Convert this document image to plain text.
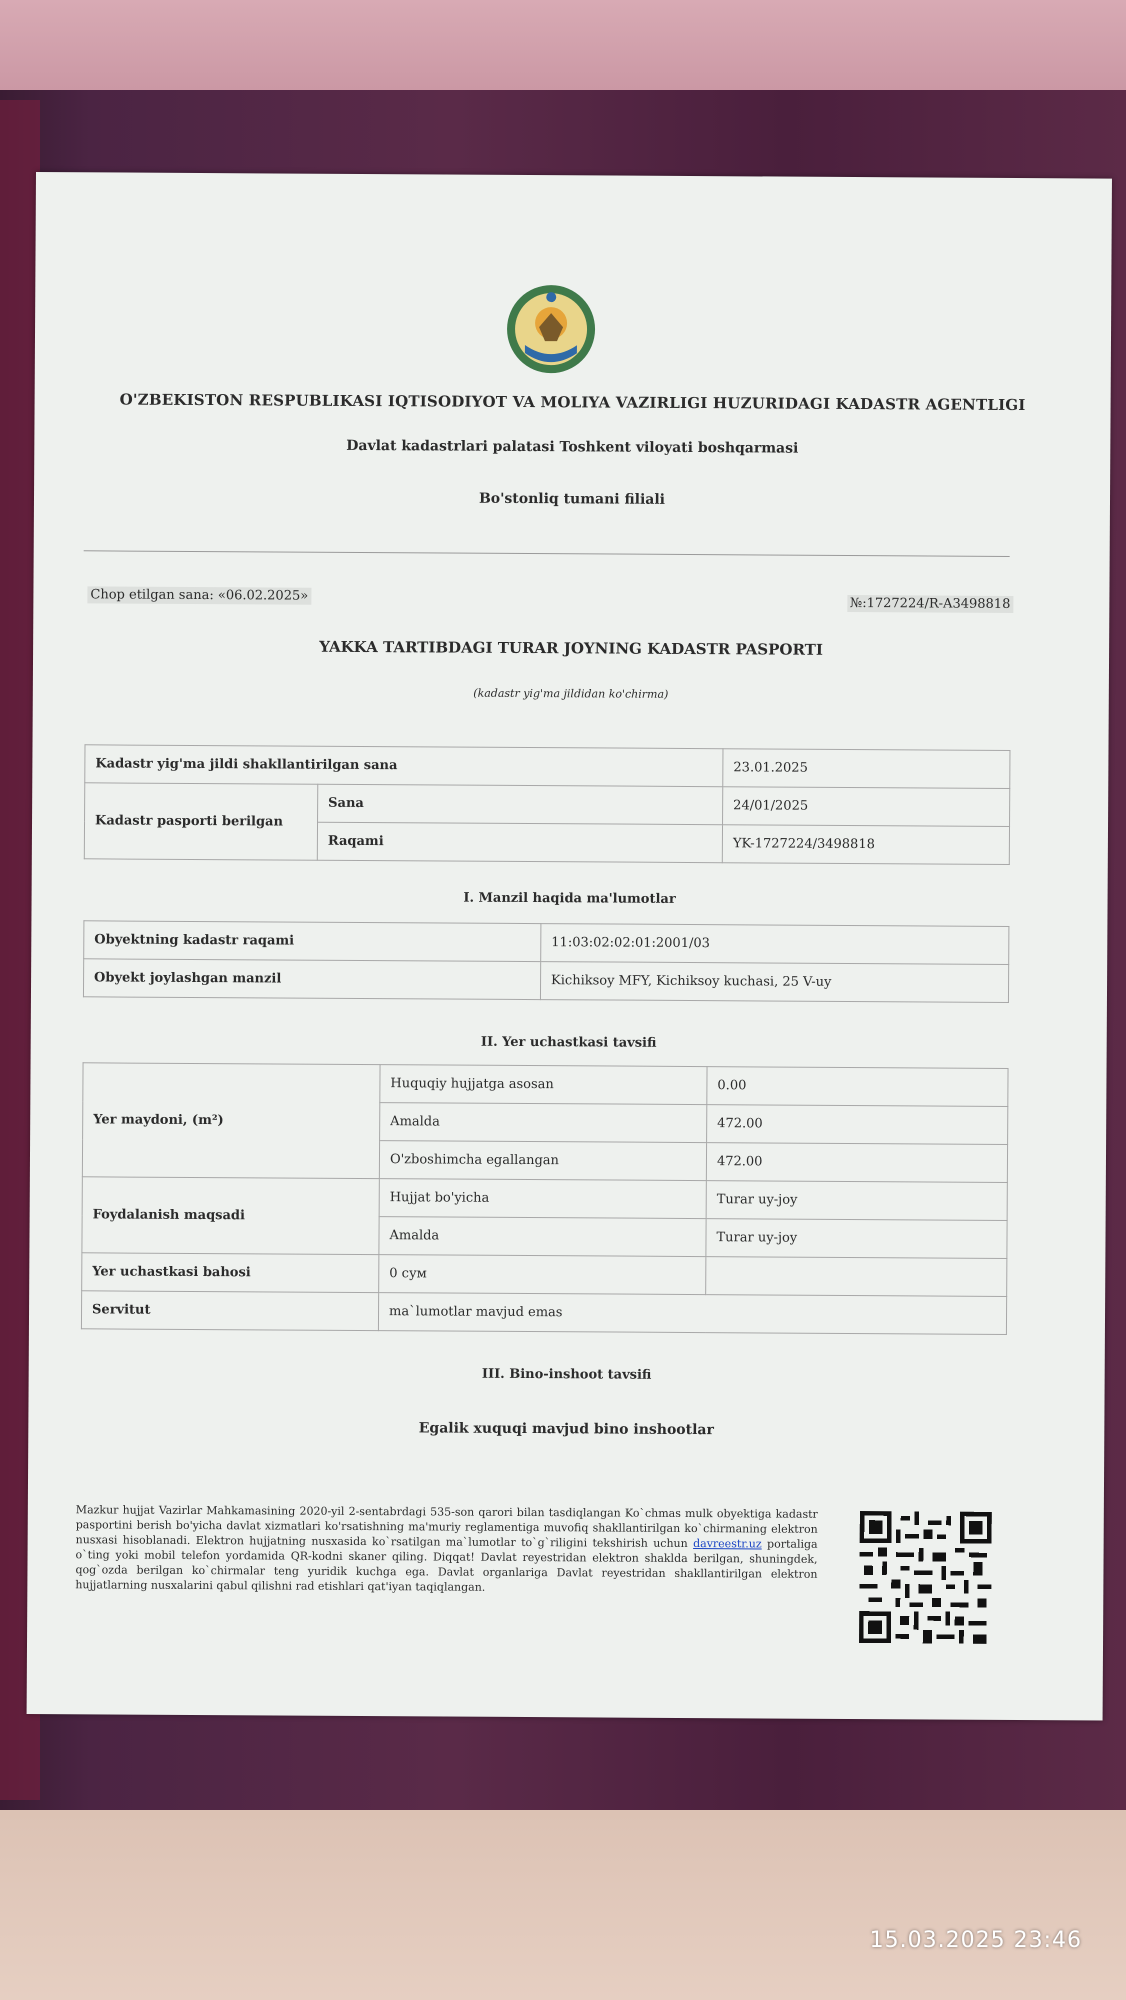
O'ZBEKISTON RESPUBLIKASI IQTISODIYOT VA MOLIYA VAZIRLIGI HUZURIDAGI KADASTR AGENTLIGI
Davlat kadastrlari palatasi Toshkent viloyati boshqarmasi
Bo'stonliq tumani filiali
Chop etilgan sana: «06.02.2025»
№:1727224/R-A3498818
YAKKA TARTIBDAGI TURAR JOYNING KADASTR PASPORTI
(kadastr yig'ma jildidan ko'chirma)
Kadastr yig'ma jildi shakllantirilgan sana	23.01.2025
Kadastr pasporti berilgan	Sana	24/01/2025
Raqami	YK-1727224/3498818
I. Manzil haqida ma'lumotlar
Obyektning kadastr raqami	11:03:02:02:01:2001/03
Obyekt joylashgan manzil	Kichiksoy MFY, Kichiksoy kuchasi, 25 V-uy
II. Yer uchastkasi tavsifi
Yer maydoni, (m²)	Huquqiy hujjatga asosan	0.00
Amalda	472.00
O'zboshimcha egallangan	472.00
Foydalanish maqsadi	Hujjat bo'yicha	Turar uy-joy
Amalda	Turar uy-joy
Yer uchastkasi bahosi	0 сум	
Servitut	ma`lumotlar mavjud emas
III. Bino-inshoot tavsifi
Egalik xuquqi mavjud bino inshootlar
Mazkur hujjat Vazirlar Mahkamasining 2020-yil 2-sentabrdagi 535-son qarori bilan tasdiqlangan Ko`chmas mulk obyektiga kadastr pasportini berish bo'yicha davlat xizmatlari ko'rsatishning ma'muriy reglamentiga muvofiq shakllantirilgan ko`chirmaning elektron nusxasi hisoblanadi. Elektron hujjatning nusxasida ko`rsatilgan ma`lumotlar to`g`riligini tekshirish uchun davreestr.uz portaliga o`ting yoki mobil telefon yordamida QR-kodni skaner qiling. Diqqat! Davlat reyestridan elektron shaklda berilgan, shuningdek, qog`ozda berilgan ko`chirmalar teng yuridik kuchga ega. Davlat organlariga Davlat reyestridan shakllantirilgan elektron hujjatlarning nusxalarini qabul qilishni rad etishlari qat'iyan taqiqlangan.
15.03.2025 23:46
